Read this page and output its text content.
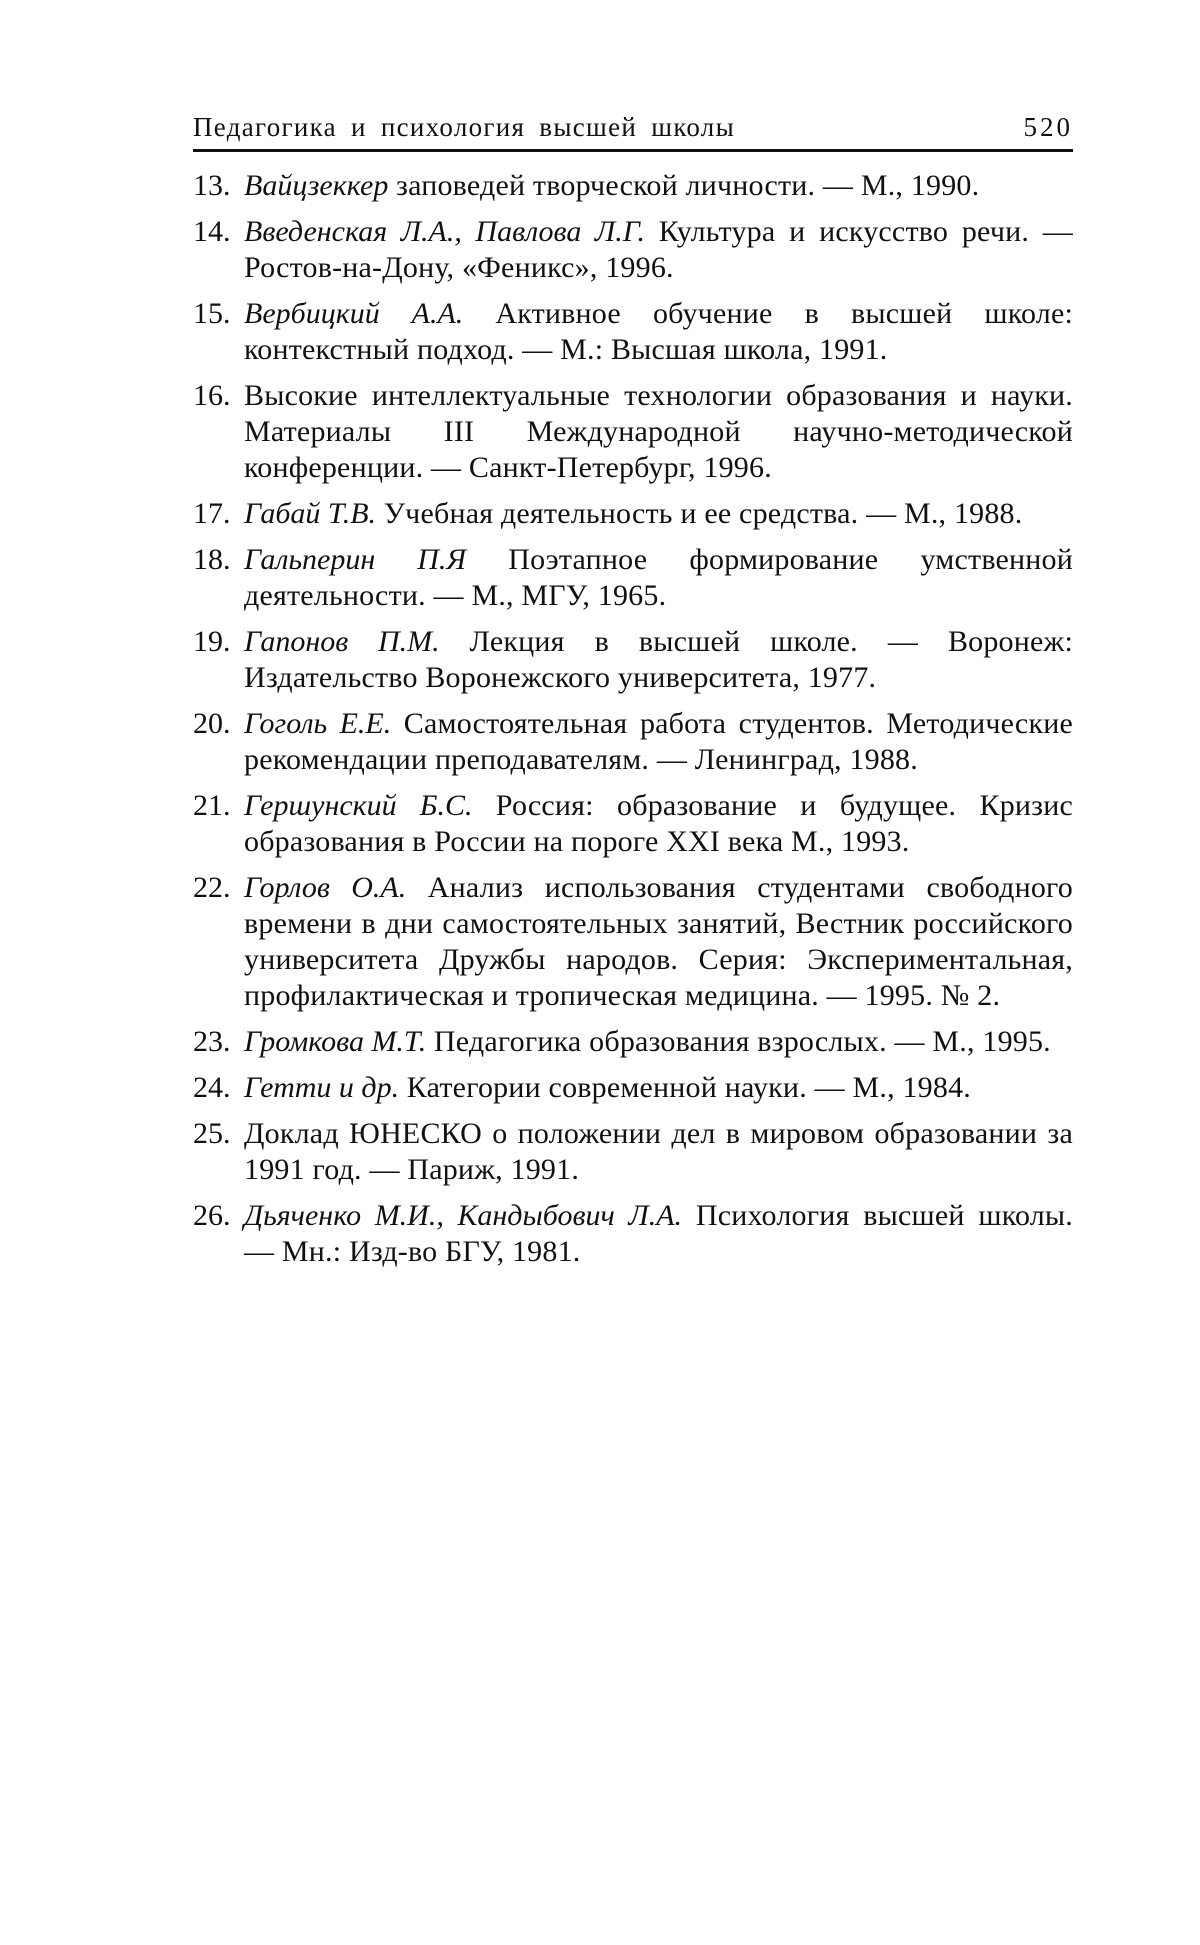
Педагогика и психология высшей школы	520
13. Вайцзеккер заповедей творческой личности. — М., 1990.
14. Введенская Л.А., Павлова Л.Г. Культура и искусство речи. — Ростов-на-Дону, «Феникс», 1996.
15. Вербицкий А.А. Активное обучение в высшей школе: контекстный подход. — М.: Высшая школа, 1991.
16. Высокие интеллектуальные технологии образования и науки. Материалы III Международной научно-методической конференции. — Санкт-Петербург, 1996.
17. Габай Т.В. Учебная деятельность и ее средства. — М., 1988.
18. Гальперин П.Я Поэтапное формирование умственной деятельности. — М., МГУ, 1965.
19. Гапонов П.М. Лекция в высшей школе. — Воронеж: Издательство Воронежского университета, 1977.
20. Гоголь Е.Е. Самостоятельная работа студентов. Методические рекомендации преподавателям. — Ленинград, 1988.
21. Гершунский Б.С. Россия: образование и будущее. Кризис образования в России на пороге XXI века М., 1993.
22. Горлов О.А. Анализ использования студентами свободного времени в дни самостоятельных занятий, Вестник российского университета Дружбы народов. Серия: Экспериментальная, профилактическая и тропическая медицина. — 1995. № 2.
23. Громкова М.Т. Педагогика образования взрослых. — М., 1995.
24. Гетти и др. Категории современной науки. — М., 1984.
25. Доклад ЮНЕСКО о положении дел в мировом образовании за 1991 год. — Париж, 1991.
26. Дьяченко М.И., Кандыбович Л.А. Психология высшей школы. — Мн.: Изд-во БГУ, 1981.
